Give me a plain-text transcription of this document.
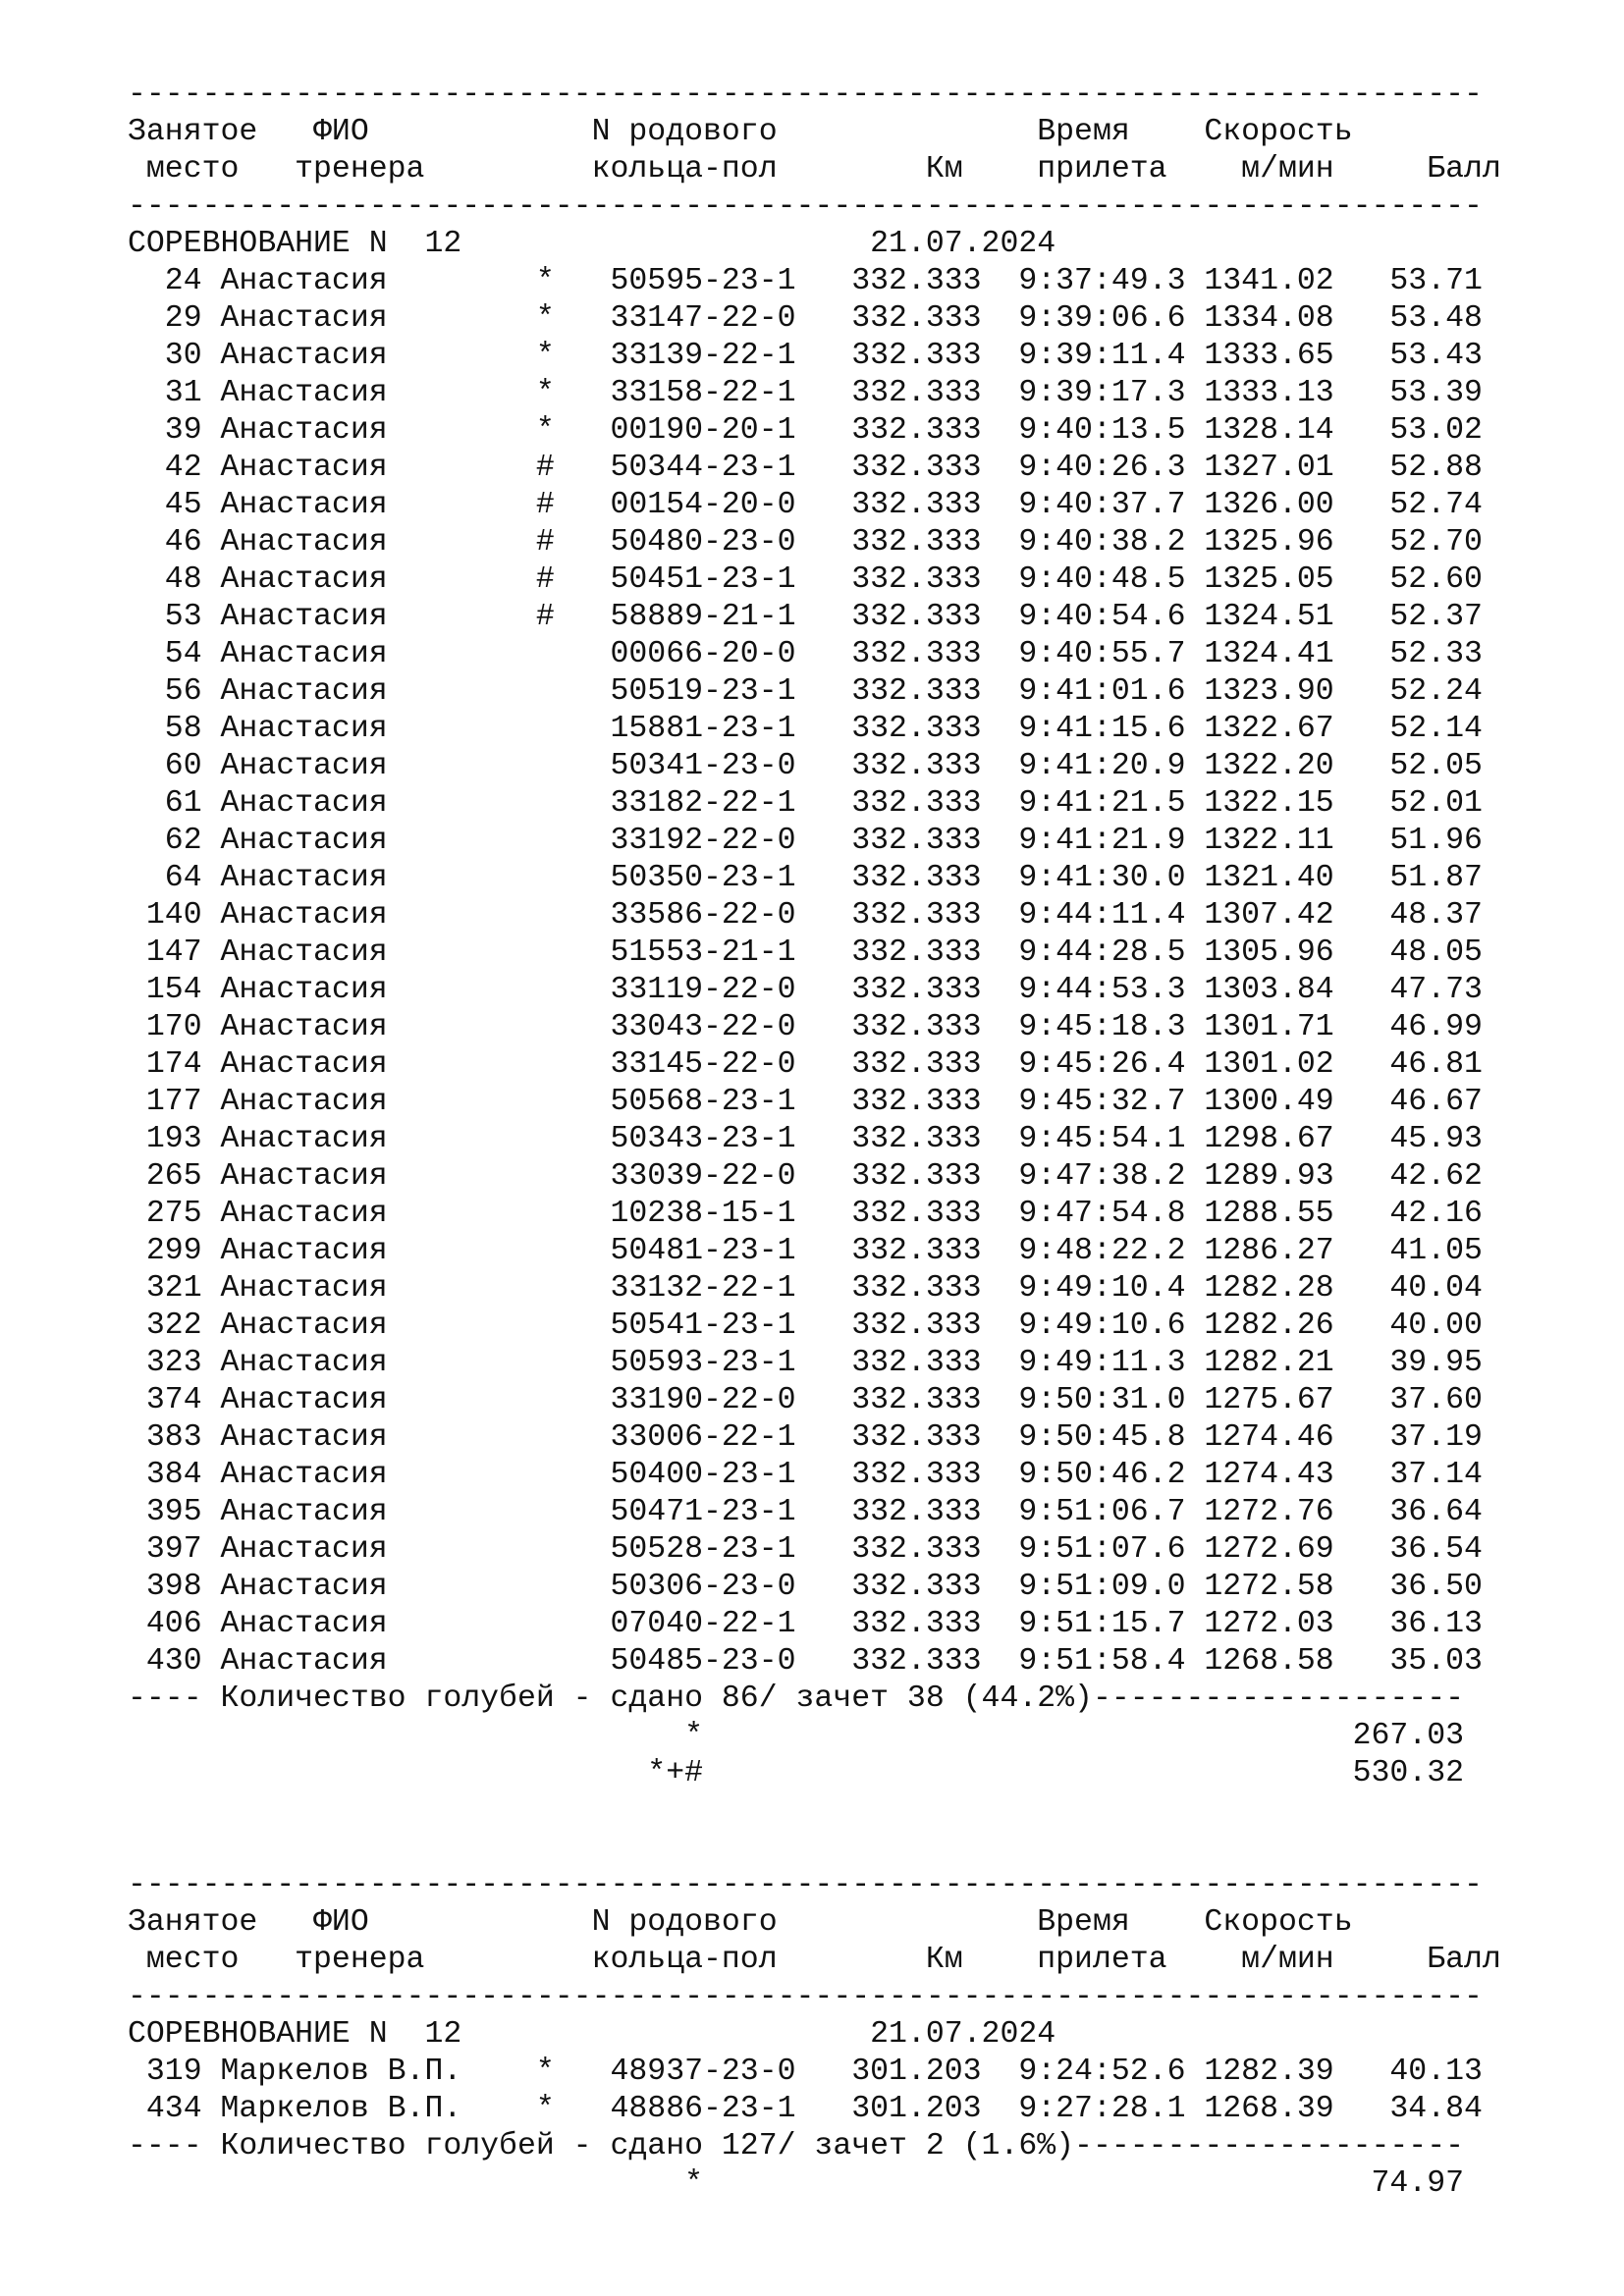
-------------------------------------------------------------------------
Занятое   ФИО            N родового              Время    Скорость
место   тренера         кольца-пол        Км    прилета    м/мин     Балл
-------------------------------------------------------------------------
СОРЕВНОВАНИЕ N  12                      21.07.2024
24 Анастасия        *   50595-23-1   332.333  9:37:49.3 1341.02   53.71
29 Анастасия        *   33147-22-0   332.333  9:39:06.6 1334.08   53.48
30 Анастасия        *   33139-22-1   332.333  9:39:11.4 1333.65   53.43
31 Анастасия        *   33158-22-1   332.333  9:39:17.3 1333.13   53.39
39 Анастасия        *   00190-20-1   332.333  9:40:13.5 1328.14   53.02
42 Анастасия        #   50344-23-1   332.333  9:40:26.3 1327.01   52.88
45 Анастасия        #   00154-20-0   332.333  9:40:37.7 1326.00   52.74
46 Анастасия        #   50480-23-0   332.333  9:40:38.2 1325.96   52.70
48 Анастасия        #   50451-23-1   332.333  9:40:48.5 1325.05   52.60
53 Анастасия        #   58889-21-1   332.333  9:40:54.6 1324.51   52.37
54 Анастасия            00066-20-0   332.333  9:40:55.7 1324.41   52.33
56 Анастасия            50519-23-1   332.333  9:41:01.6 1323.90   52.24
58 Анастасия            15881-23-1   332.333  9:41:15.6 1322.67   52.14
60 Анастасия            50341-23-0   332.333  9:41:20.9 1322.20   52.05
61 Анастасия            33182-22-1   332.333  9:41:21.5 1322.15   52.01
62 Анастасия            33192-22-0   332.333  9:41:21.9 1322.11   51.96
64 Анастасия            50350-23-1   332.333  9:41:30.0 1321.40   51.87
140 Анастасия            33586-22-0   332.333  9:44:11.4 1307.42   48.37
147 Анастасия            51553-21-1   332.333  9:44:28.5 1305.96   48.05
154 Анастасия            33119-22-0   332.333  9:44:53.3 1303.84   47.73
170 Анастасия            33043-22-0   332.333  9:45:18.3 1301.71   46.99
174 Анастасия            33145-22-0   332.333  9:45:26.4 1301.02   46.81
177 Анастасия            50568-23-1   332.333  9:45:32.7 1300.49   46.67
193 Анастасия            50343-23-1   332.333  9:45:54.1 1298.67   45.93
265 Анастасия            33039-22-0   332.333  9:47:38.2 1289.93   42.62
275 Анастасия            10238-15-1   332.333  9:47:54.8 1288.55   42.16
299 Анастасия            50481-23-1   332.333  9:48:22.2 1286.27   41.05
321 Анастасия            33132-22-1   332.333  9:49:10.4 1282.28   40.04
322 Анастасия            50541-23-1   332.333  9:49:10.6 1282.26   40.00
323 Анастасия            50593-23-1   332.333  9:49:11.3 1282.21   39.95
374 Анастасия            33190-22-0   332.333  9:50:31.0 1275.67   37.60
383 Анастасия            33006-22-1   332.333  9:50:45.8 1274.46   37.19
384 Анастасия            50400-23-1   332.333  9:50:46.2 1274.43   37.14
395 Анастасия            50471-23-1   332.333  9:51:06.7 1272.76   36.64
397 Анастасия            50528-23-1   332.333  9:51:07.6 1272.69   36.54
398 Анастасия            50306-23-0   332.333  9:51:09.0 1272.58   36.50
406 Анастасия            07040-22-1   332.333  9:51:15.7 1272.03   36.13
430 Анастасия            50485-23-0   332.333  9:51:58.4 1268.58   35.03
---- Количество голубей - сдано 86/ зачет 38 (44.2%)--------------------
*                                   267.03
*+#                                   530.32
-------------------------------------------------------------------------
Занятое   ФИО            N родового              Время    Скорость
место   тренера         кольца-пол        Км    прилета    м/мин     Балл
-------------------------------------------------------------------------
СОРЕВНОВАНИЕ N  12                      21.07.2024
319 Маркелов В.П.    *   48937-23-0   301.203  9:24:52.6 1282.39   40.13
434 Маркелов В.П.    *   48886-23-1   301.203  9:27:28.1 1268.39   34.84
---- Количество голубей - сдано 127/ зачет 2 (1.6%)---------------------
*                                    74.97
